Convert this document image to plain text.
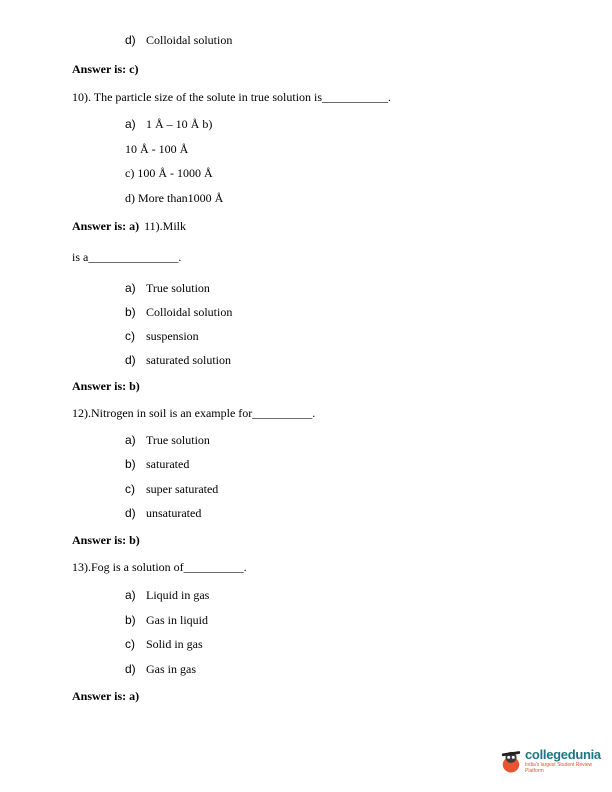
d) Colloidal solution
Answer is: c)
10). The particle size of the solute in true solution is___________.
a) 1 Å – 10 Å b)
10 Å - 100 Å
c) 100 Å - 1000 Å
d) More than1000 Å
Answer is: a) 11).Milk
is a_______________.
a) True solution
b) Colloidal solution
c) suspension
d) saturated solution
Answer is: b)
12).Nitrogen in soil is an example for__________.
a) True solution
b) saturated
c) super saturated
d) unsaturated
Answer is: b)
13).Fog is a solution of__________.
a) Liquid in gas
b) Gas in liquid
c) Solid in gas
d) Gas in gas
Answer is: a)
collegedunia
India's largest Student Review Platform
